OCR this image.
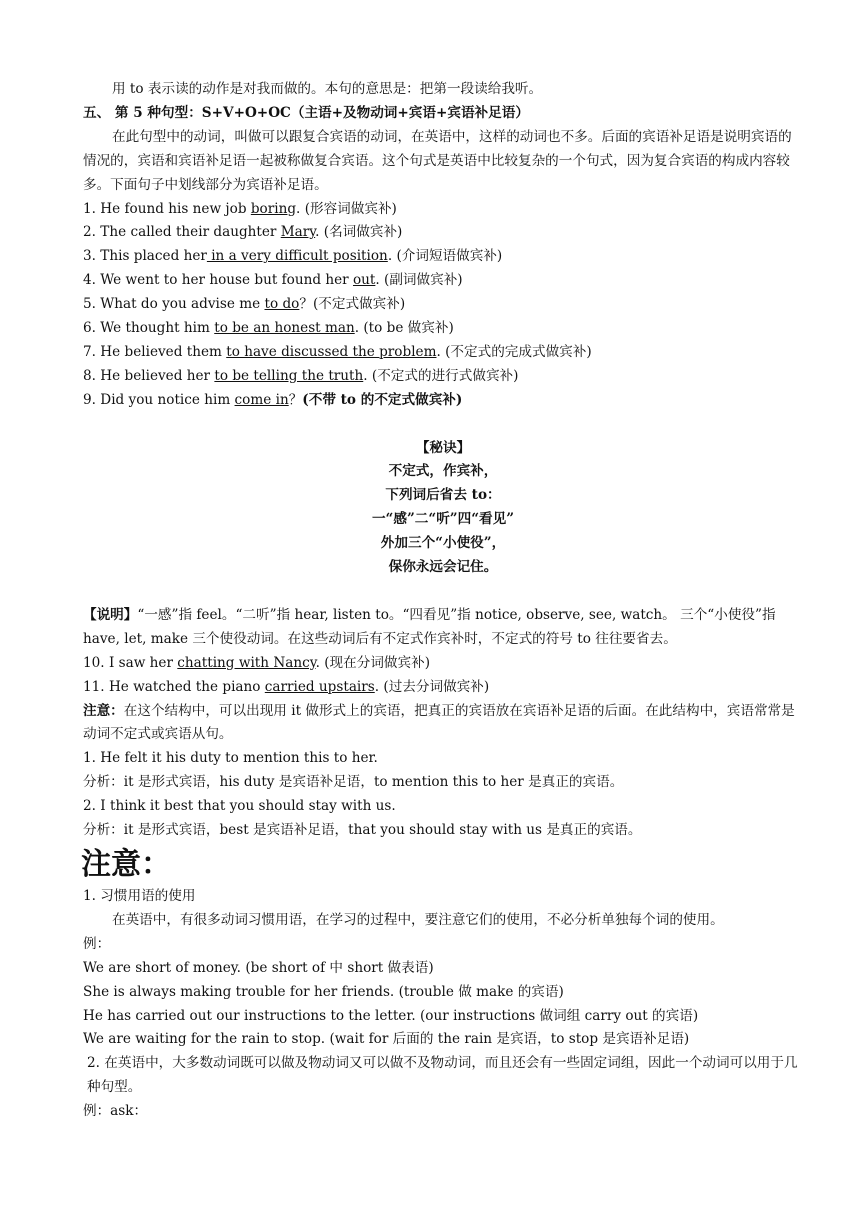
用 to 表示读的动作是对我而做的。本句的意思是：把第一段读给我听。

五、 第 5 种句型：S+V+O+OC（主语+及物动词+宾语+宾语补足语）

在此句型中的动词，叫做可以跟复合宾语的动词，在英语中，这样的动词也不多。后面的宾语补足语是说明宾语的情况的，宾语和宾语补足语一起被称做复合宾语。这个句式是英语中比较复杂的一个句式，因为复合宾语的构成内容较多。下面句子中划线部分为宾语补足语。

1. He found his new job boring. (形容词做宾补)

2. The called their daughter Mary. (名词做宾补)

3. This placed her in a very difficult position. (介词短语做宾补)

4. We went to her house but found her out. (副词做宾补)

5. What do you advise me to do？(不定式做宾补)

6. We thought him to be an honest man. (to be 做宾补)

7. He believed them to have discussed the problem. (不定式的完成式做宾补)

8. He believed her to be telling the truth. (不定式的进行式做宾补)

9. Did you notice him come in？(不带 to 的不定式做宾补)

【秘诀】

不定式，作宾补，

下列词后省去 to：

一“感”二“听”四“看见”

外加三个“小使役”，

保你永远会记住。

【说明】“一感”指 feel。“二听”指 hear, listen to。“四看见”指 notice, observe, see, watch。 三个“小使役”指 have, let, make 三个使役动词。在这些动词后有不定式作宾补时，不定式的符号 to 往往要省去。

10. I saw her chatting with Nancy. (现在分词做宾补)

11. He watched the piano carried upstairs. (过去分词做宾补)

注意：在这个结构中，可以出现用 it 做形式上的宾语，把真正的宾语放在宾语补足语的后面。在此结构中，宾语常常是动词不定式或宾语从句。

1. He felt it his duty to mention this to her.

分析：it 是形式宾语，his duty 是宾语补足语，to mention this to her 是真正的宾语。

2. I think it best that you should stay with us.

分析：it 是形式宾语，best 是宾语补足语，that you should stay with us 是真正的宾语。

注意：

1. 习惯用语的使用

在英语中，有很多动词习惯用语，在学习的过程中，要注意它们的使用，不必分析单独每个词的使用。

例：

We are short of money. (be short of 中 short 做表语)

She is always making trouble for her friends. (trouble 做 make 的宾语)

He has carried out our instructions to the letter. (our instructions 做词组 carry out 的宾语)

We are waiting for the rain to stop. (wait for 后面的 the rain 是宾语，to stop 是宾语补足语)

2. 在英语中，大多数动词既可以做及物动词又可以做不及物动词，而且还会有一些固定词组，因此一个动词可以用于几种句型。

例：ask：
